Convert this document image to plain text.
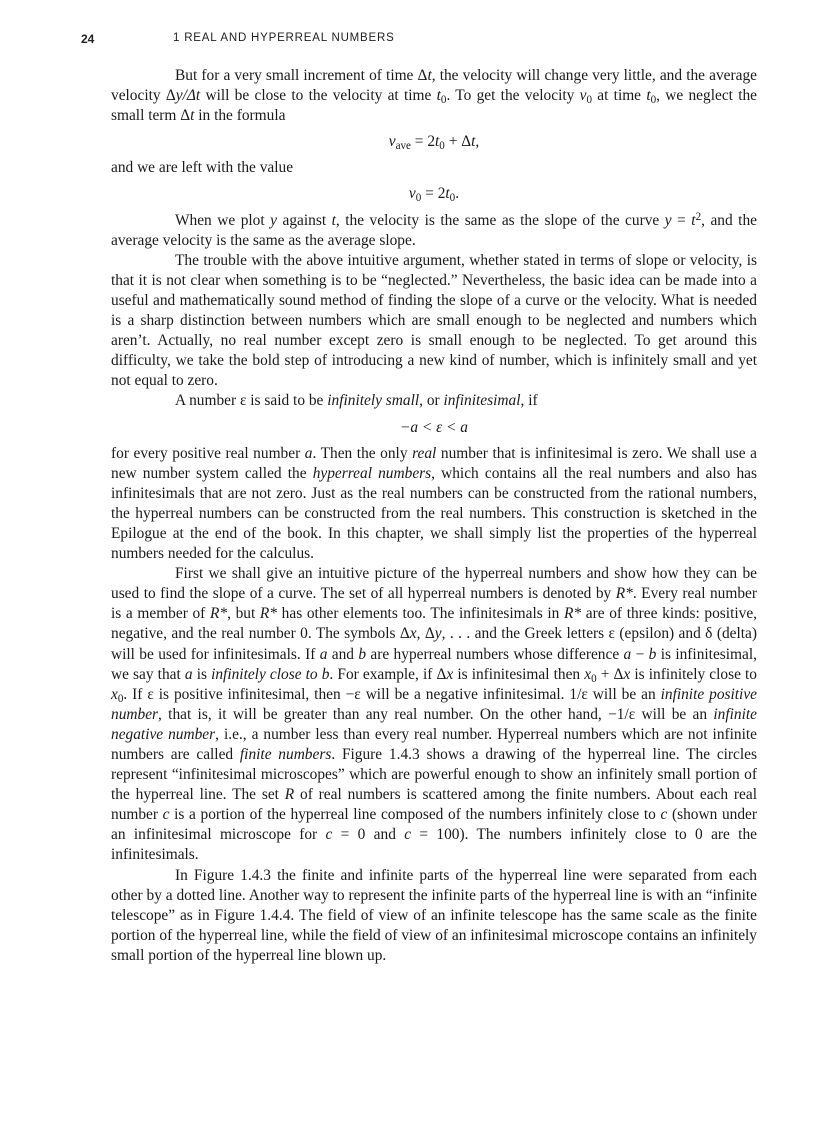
24	1 REAL AND HYPERREAL NUMBERS

But for a very small increment of time Δt, the velocity will change very little, and the average velocity Δy/Δt will be close to the velocity at time $t_0$. To get the velocity $v_0$ at time $t_0$, we neglect the small term Δt in the formula

$v_{ave} = 2t_0 + \Delta t$,

and we are left with the value

$v_0 = 2t_0$.

When we plot y against t, the velocity is the same as the slope of the curve $y = t^2$, and the average velocity is the same as the average slope.

The trouble with the above intuitive argument, whether stated in terms of slope or velocity, is that it is not clear when something is to be “neglected.” Nevertheless, the basic idea can be made into a useful and mathematically sound method of finding the slope of a curve or the velocity. What is needed is a sharp distinction between numbers which are small enough to be neglected and numbers which aren’t. Actually, no real number except zero is small enough to be neglected. To get around this difficulty, we take the bold step of introducing a new kind of number, which is infinitely small and yet not equal to zero.

A number ε is said to be infinitely small, or infinitesimal, if

−a < ε < a

for every positive real number a. Then the only real number that is infinitesimal is zero. We shall use a new number system called the hyperreal numbers, which contains all the real numbers and also has infinitesimals that are not zero. Just as the real numbers can be constructed from the rational numbers, the hyperreal numbers can be constructed from the real numbers. This construction is sketched in the Epilogue at the end of the book. In this chapter, we shall simply list the properties of the hyperreal numbers needed for the calculus.

First we shall give an intuitive picture of the hyperreal numbers and show how they can be used to find the slope of a curve. The set of all hyperreal numbers is denoted by R*. Every real number is a member of R*, but R* has other elements too. The infinitesimals in R* are of three kinds: positive, negative, and the real number 0. The symbols Δx, Δy, . . . and the Greek letters ε (epsilon) and δ (delta) will be used for infinitesimals. If a and b are hyperreal numbers whose difference a − b is infinitesimal, we say that a is infinitely close to b. For example, if Δx is infinitesimal then $x_0 + \Delta x$ is infinitely close to $x_0$. If ε is positive infinitesimal, then −ε will be a negative infinitesimal. 1/ε will be an infinite positive number, that is, it will be greater than any real number. On the other hand, −1/ε will be an infinite negative number, i.e., a number less than every real number. Hyperreal numbers which are not infinite numbers are called finite numbers. Figure 1.4.3 shows a drawing of the hyperreal line. The circles represent “infinitesimal microscopes” which are powerful enough to show an infinitely small portion of the hyperreal line. The set R of real numbers is scattered among the finite numbers. About each real number c is a portion of the hyperreal line composed of the numbers infinitely close to c (shown under an infinitesimal microscope for c = 0 and c = 100). The numbers infinitely close to 0 are the infinitesimals.

In Figure 1.4.3 the finite and infinite parts of the hyperreal line were separated from each other by a dotted line. Another way to represent the infinite parts of the hyperreal line is with an “infinite telescope” as in Figure 1.4.4. The field of view of an infinite telescope has the same scale as the finite portion of the hyperreal line, while the field of view of an infinitesimal microscope contains an infinitely small portion of the hyperreal line blown up.
